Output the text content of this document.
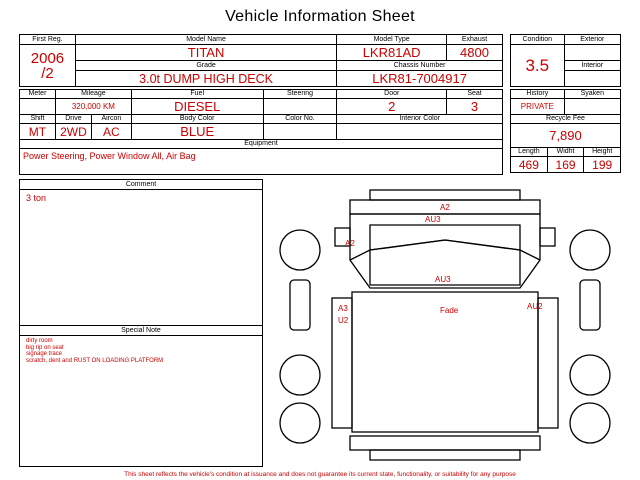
Vehicle Information Sheet
First Reg.	Model Name	Model Type	Exhaust

2006
/2	TITAN	LKR81AD	4800
	Grade	Chassis Number	
	3.0t DUMP HIGH DECK	LKR81-7004917	
Meter	Mileage		Fuel	Steering	Door	Seat
	320,000 KM		DIESEL		2	3
Shift	Drive	Aircon	Body Color	Color No.	Interior Color	
MT	2WD	AC	BLUE			
Equipment						
Power Steering, Power Window All, Air Bag						
Condition	Exterior
3.5	
	Interior

History		Syaken	
PRIVATE			
Recycle Fee			
7,890			
Length	Widht		Height
469	169		199
Comment
3 ton
Special Note
dirty room
big rip on seat
signage trace
scratch, dent and RUST ON LOADING PLATFORM
A2
AU3
A2
AU3
A3
U2
Fade	AU2
This sheet reflects the vehicle's condition at issuance and does not guarantee its current state, functionality, or suitability for any purpose
